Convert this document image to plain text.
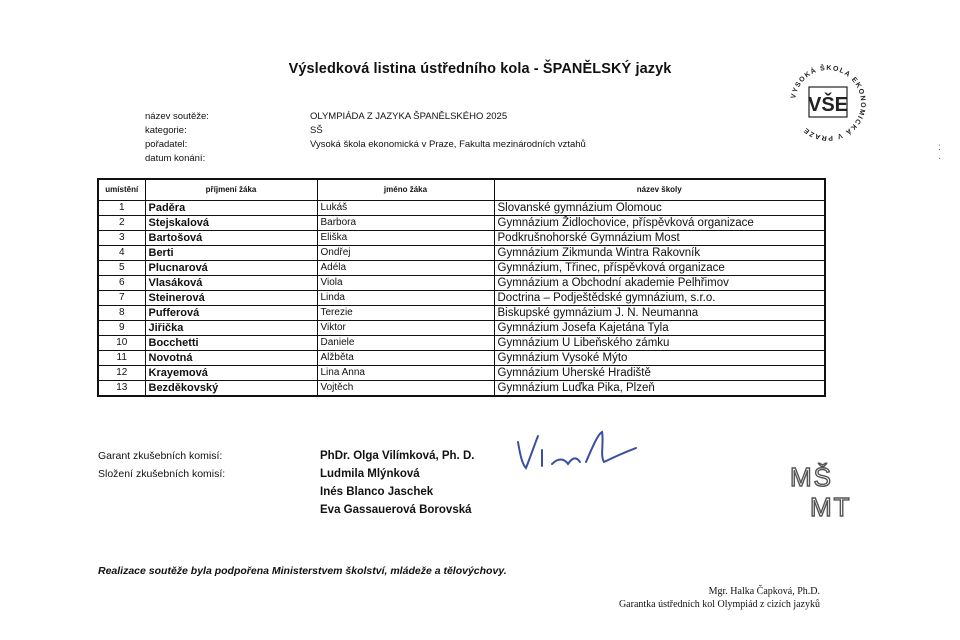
Výsledková listina ústředního kola - ŠPANĚLSKÝ jazyk
název soutěže:	OLYMPIÁDA Z JAZYKA ŠPANĚLSKÉHO 2025
kategorie:	SŠ
pořadatel:	Vysoká škola ekonomická v Praze, Fakulta mezinárodních vztahů
datum konání:
VYSOKÁ ŠKOLA EKONOMICKÁ V PRAZE
VŠE
umístění	příjmení žáka	jméno žáka	název školy
1	Paděra	Lukáš	Slovanské gymnázium Olomouc
2	Stejskalová	Barbora	Gymnázium Židlochovice, příspěvková organizace
3	Bartošová	Eliška	Podkrušnohorské Gymnázium Most
4	Berti	Ondřej	Gymnázium Zikmunda Wintra Rakovník
5	Plucnarová	Adéla	Gymnázium, Třinec, příspěvková organizace
6	Vlasáková	Viola	Gymnázium a Obchodní akademie Pelhřimov
7	Steinerová	Linda	Doctrina – Podještědské gymnázium, s.r.o.
8	Pufferová	Terezie	Biskupské gymnázium J. N. Neumanna
9	Jiřička	Viktor	Gymnázium Josefa Kajetána Tyla
10	Bocchetti	Daniele	Gymnázium U Libeňského zámku
11	Novotná	Alžběta	Gymnázium Vysoké Mýto
12	Krayemová	Lina Anna	Gymnázium Uherské Hradiště
13	Bezděkovský	Vojtěch	Gymnázium Luďka Pika, Plzeň
Garant zkušebních komisí:
Složení zkušebních komisí:
PhDr. Olga Vilímková, Ph. D.
Ludmila Mlýnková
Inés Blanco Jaschek
Eva Gassauerová Borovská
MŠ
MT
Realizace soutěže byla podpořena Ministerstvem školství, mládeže a tělovýchovy.
Mgr. Halka Čapková, Ph.D.
Garantka ústředních kol Olympiád z cizích jazyků
:
·
